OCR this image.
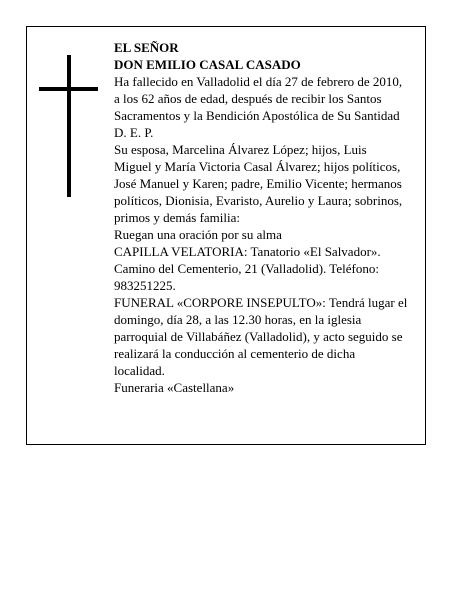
EL SEÑOR
DON EMILIO CASAL CASADO
Ha fallecido en Valladolid el día 27 de febrero de 2010,
a los 62 años de edad, después de recibir los Santos
Sacramentos y la Bendición Apostólica de Su Santidad
D. E. P.
Su esposa, Marcelina Álvarez López; hijos, Luis
Miguel y María Victoria Casal Álvarez; hijos políticos,
José Manuel y Karen; padre, Emilio Vicente; hermanos
políticos, Dionisia, Evaristo, Aurelio y Laura; sobrinos,
primos y demás familia:
Ruegan una oración por su alma
CAPILLA VELATORIA: Tanatorio «El Salvador».
Camino del Cementerio, 21 (Valladolid). Teléfono:
983251225.
FUNERAL «CORPORE INSEPULTO»: Tendrá lugar el
domingo, día 28, a las 12.30 horas, en la iglesia
parroquial de Villabáñez (Valladolid), y acto seguido se
realizará la conducción al cementerio de dicha
localidad.
Funeraria «Castellana»
